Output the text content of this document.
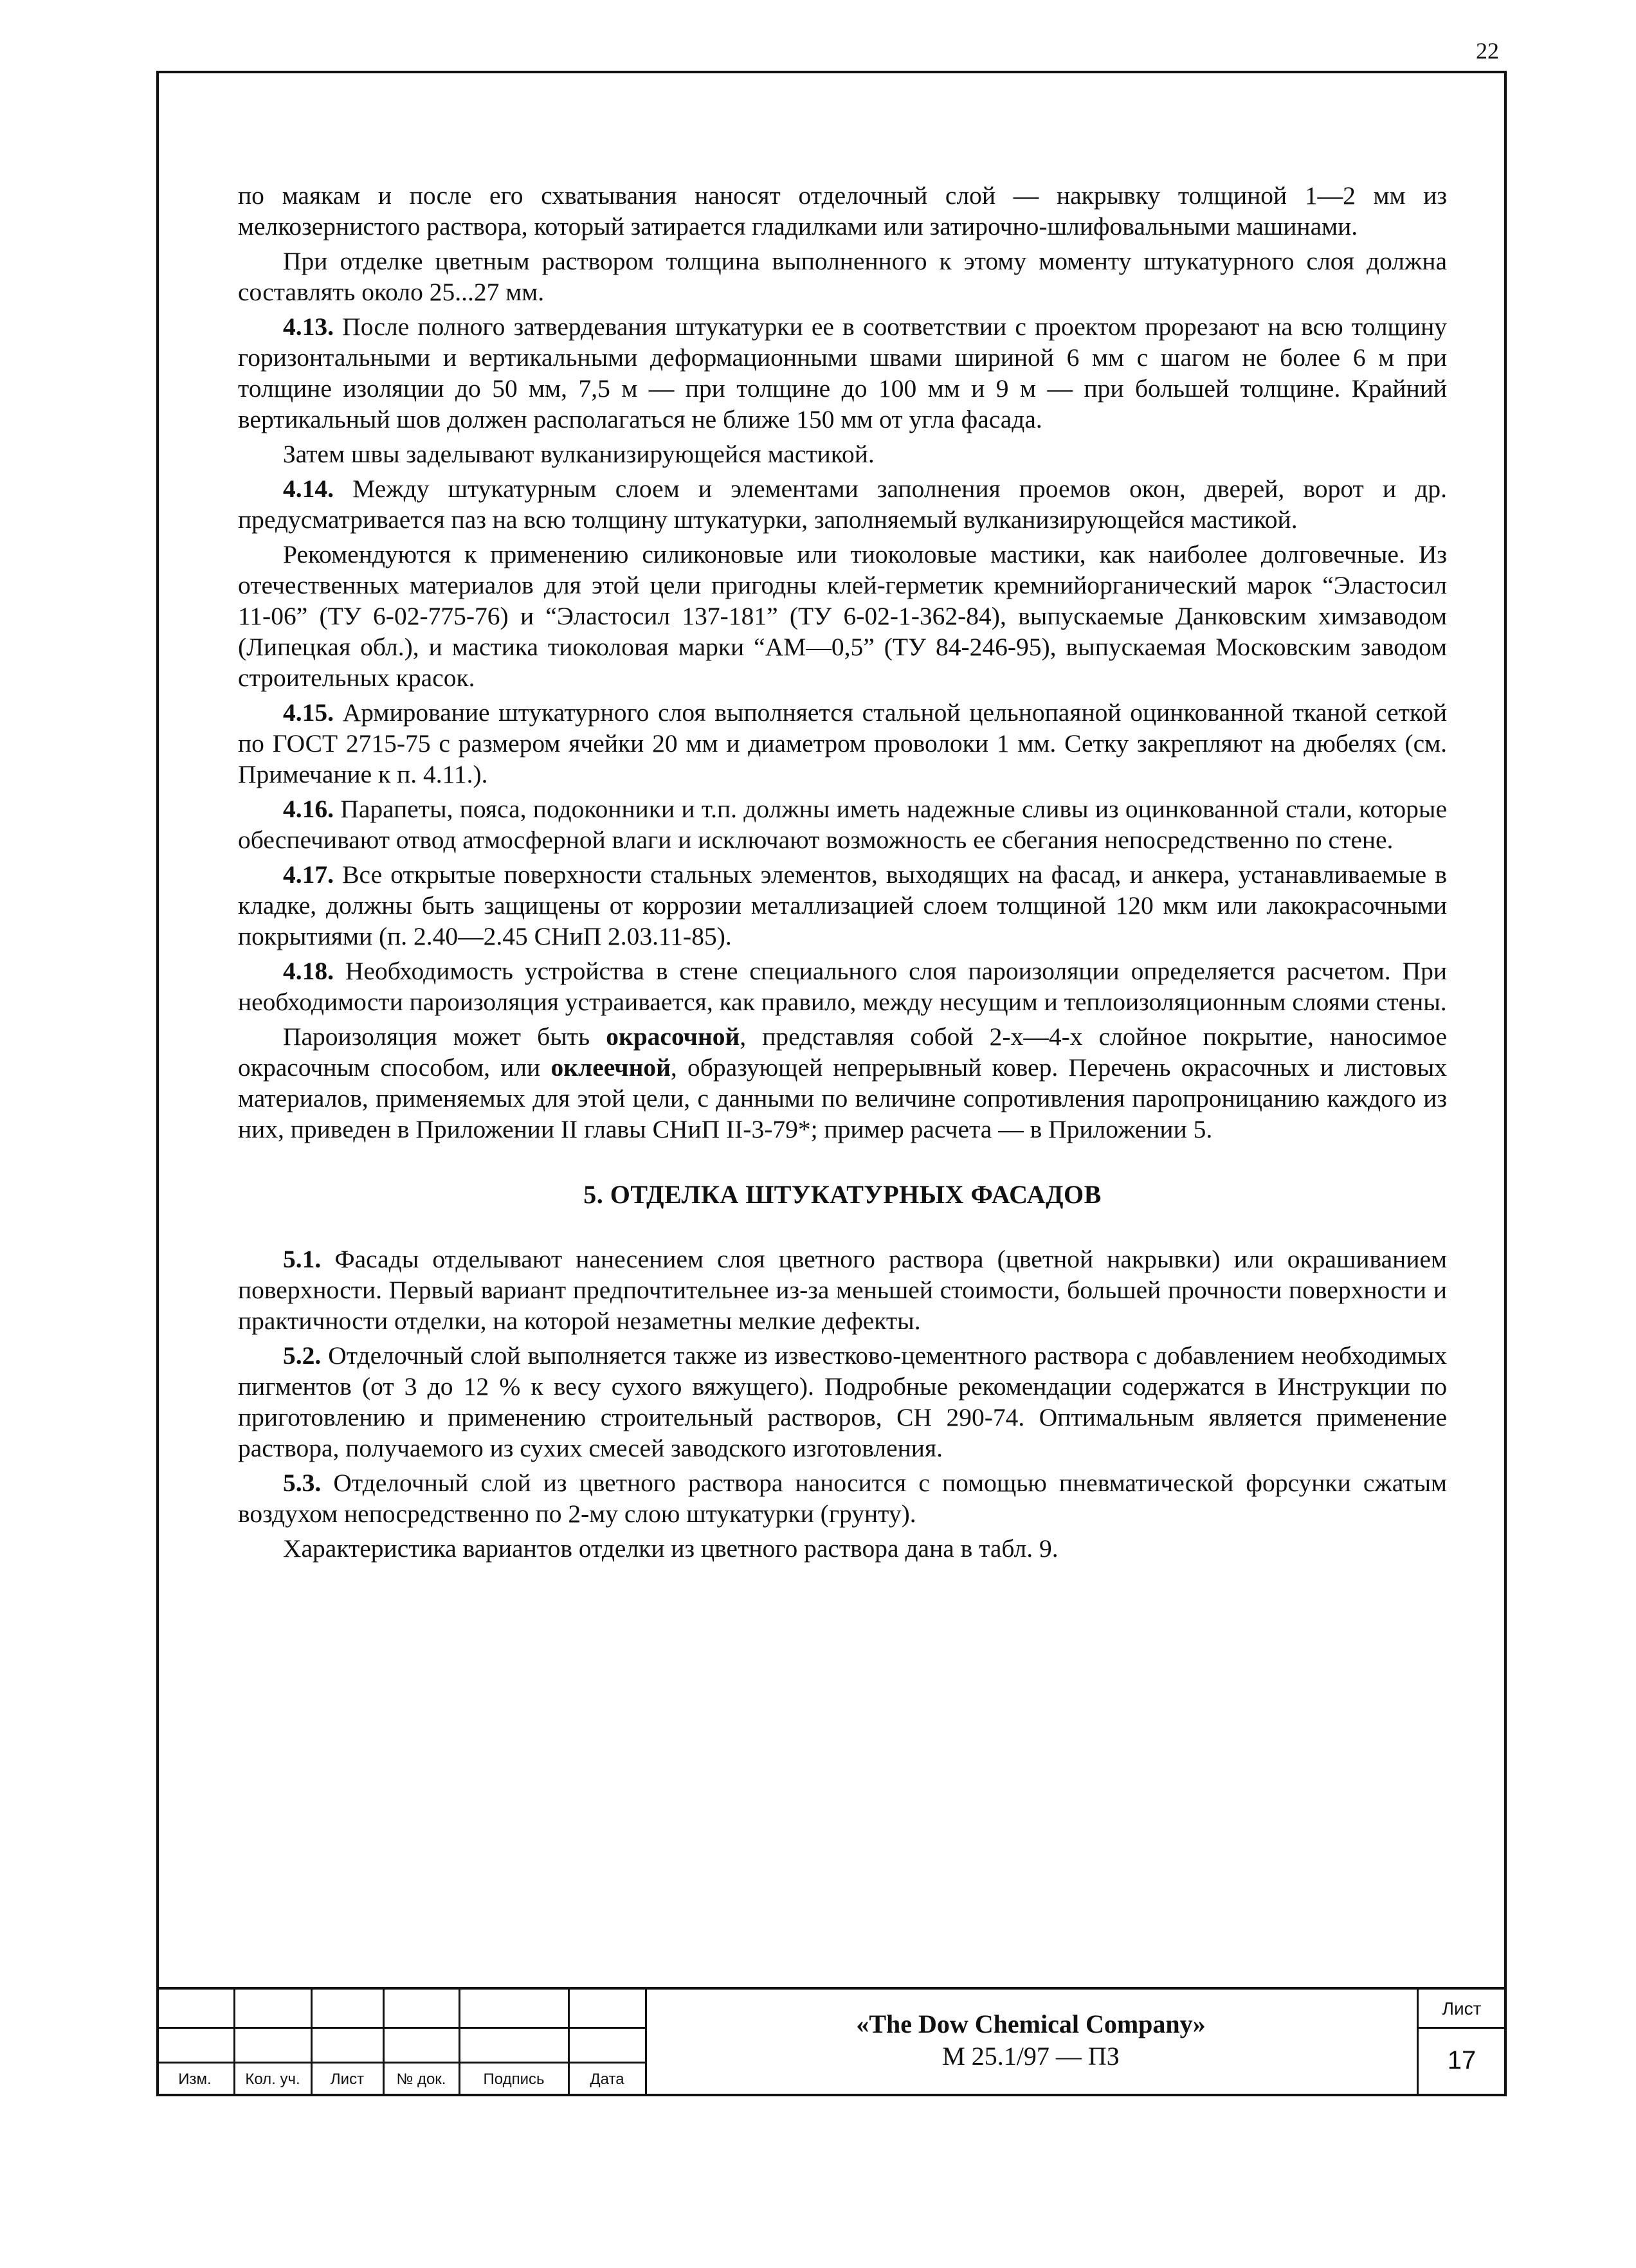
22

по маякам и после его схватывания наносят отделочный слой — накрывку толщиной 1—2 мм из мелкозернистого раствора, который затирается гладилками или затирочно-шлифовальными машинами.

При отделке цветным раствором толщина выполненного к этому моменту штукатурного слоя должна составлять около 25...27 мм.

4.13. После полного затвердевания штукатурки ее в соответствии с проектом прорезают на всю толщину горизонтальными и вертикальными деформационными швами шириной 6 мм с шагом не более 6 м при толщине изоляции до 50 мм, 7,5 м — при толщине до 100 мм и 9 м — при большей толщине. Крайний вертикальный шов должен располагаться не ближе 150 мм от угла фасада.

Затем швы заделывают вулканизирующейся мастикой.

4.14. Между штукатурным слоем и элементами заполнения проемов окон, дверей, ворот и др. предусматривается паз на всю толщину штукатурки, заполняемый вулканизирующейся мастикой.

Рекомендуются к применению силиконовые или тиоколовые мастики, как наиболее долговечные. Из отечественных материалов для этой цели пригодны клей-герметик кремнийорганический марок “Эластосил 11-06” (ТУ 6-02-775-76) и “Эластосил 137-181” (ТУ 6-02-1-362-84), выпускаемые Данковским химзаводом (Липецкая обл.), и мастика тиоколовая марки “АМ—0,5” (ТУ 84-246-95), выпускаемая Московским заводом строительных красок.

4.15. Армирование штукатурного слоя выполняется стальной цельнопаяной оцинкованной тканой сеткой по ГОСТ 2715-75 с размером ячейки 20 мм и диаметром проволоки 1 мм. Сетку закрепляют на дюбелях (см. Примечание к п. 4.11.).

4.16. Парапеты, пояса, подоконники и т.п. должны иметь надежные сливы из оцинкованной стали, которые обеспечивают отвод атмосферной влаги и исключают возможность ее сбегания непосредственно по стене.

4.17. Все открытые поверхности стальных элементов, выходящих на фасад, и анкера, устанавливаемые в кладке, должны быть защищены от коррозии металлизацией слоем толщиной 120 мкм или лакокрасочными покрытиями (п. 2.40—2.45 СНиП 2.03.11-85).

4.18. Необходимость устройства в стене специального слоя пароизоляции определяется расчетом. При необходимости пароизоляция устраивается, как правило, между несущим и теплоизоляционным слоями стены.

Пароизоляция может быть окрасочной, представляя собой 2-х—4-х слойное покрытие, наносимое окрасочным способом, или оклеечной, образующей непрерывный ковер. Перечень окрасочных и листовых материалов, применяемых для этой цели, с данными по величине сопротивления паропроницанию каждого из них, приведен в Приложении II главы СНиП II-3-79*; пример расчета — в Приложении 5.

5. ОТДЕЛКА ШТУКАТУРНЫХ ФАСАДОВ

5.1. Фасады отделывают нанесением слоя цветного раствора (цветной накрывки) или окрашиванием поверхности. Первый вариант предпочтительнее из-за меньшей стоимости, большей прочности поверхности и практичности отделки, на которой незаметны мелкие дефекты.

5.2. Отделочный слой выполняется также из известково-цементного раствора с добавлением необходимых пигментов (от 3 до 12 % к весу сухого вяжущего). Подробные рекомендации содержатся в Инструкции по приготовлению и применению строительный растворов, СН 290-74. Оптимальным является применение раствора, получаемого из сухих смесей заводского изготовления.

5.3. Отделочный слой из цветного раствора наносится с помощью пневматической форсунки сжатым воздухом непосредственно по 2-му слою штукатурки (грунту).

Характеристика вариантов отделки из цветного раствора дана в табл. 9.

Изм.	Кол. уч.	Лист	№ док.	Подпись	Дата
«The Dow Chemical Company»
М 25.1/97 — ПЗ
Лист
17
